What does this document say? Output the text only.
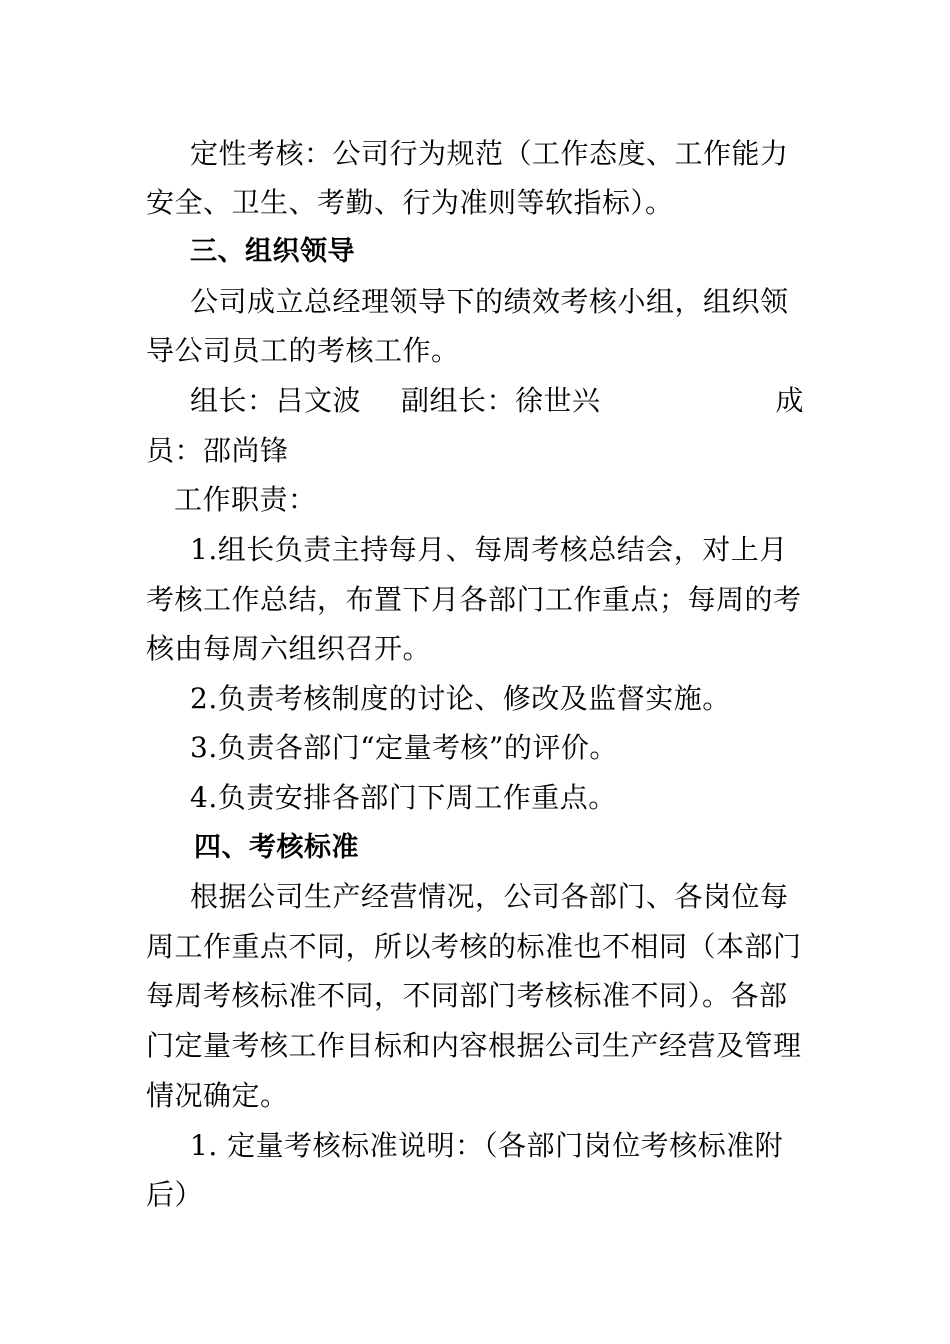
定性考核：公司行为规范（工作态度、工作能力
安全、卫生、考勤、行为准则等软指标）。
三、组织领导
公司成立总经理领导下的绩效考核小组，组织领
导公司员工的考核工作。
组长：吕文波 副组长：徐世兴	成
员：邵尚锋
工作职责：
1.组长负责主持每月、每周考核总结会，对上月
考核工作总结，布置下月各部门工作重点；每周的考
核由每周六组织召开。
2.负责考核制度的讨论、修改及监督实施。
3.负责各部门“定量考核”的评价。
4.负责安排各部门下周工作重点。
四、考核标准
根据公司生产经营情况，公司各部门、各岗位每
周工作重点不同，所以考核的标准也不相同（本部门
每周考核标准不同，不同部门考核标准不同）。各部
门定量考核工作目标和内容根据公司生产经营及管理
情况确定。
1. 定量考核标准说明：（各部门岗位考核标准附
后）
